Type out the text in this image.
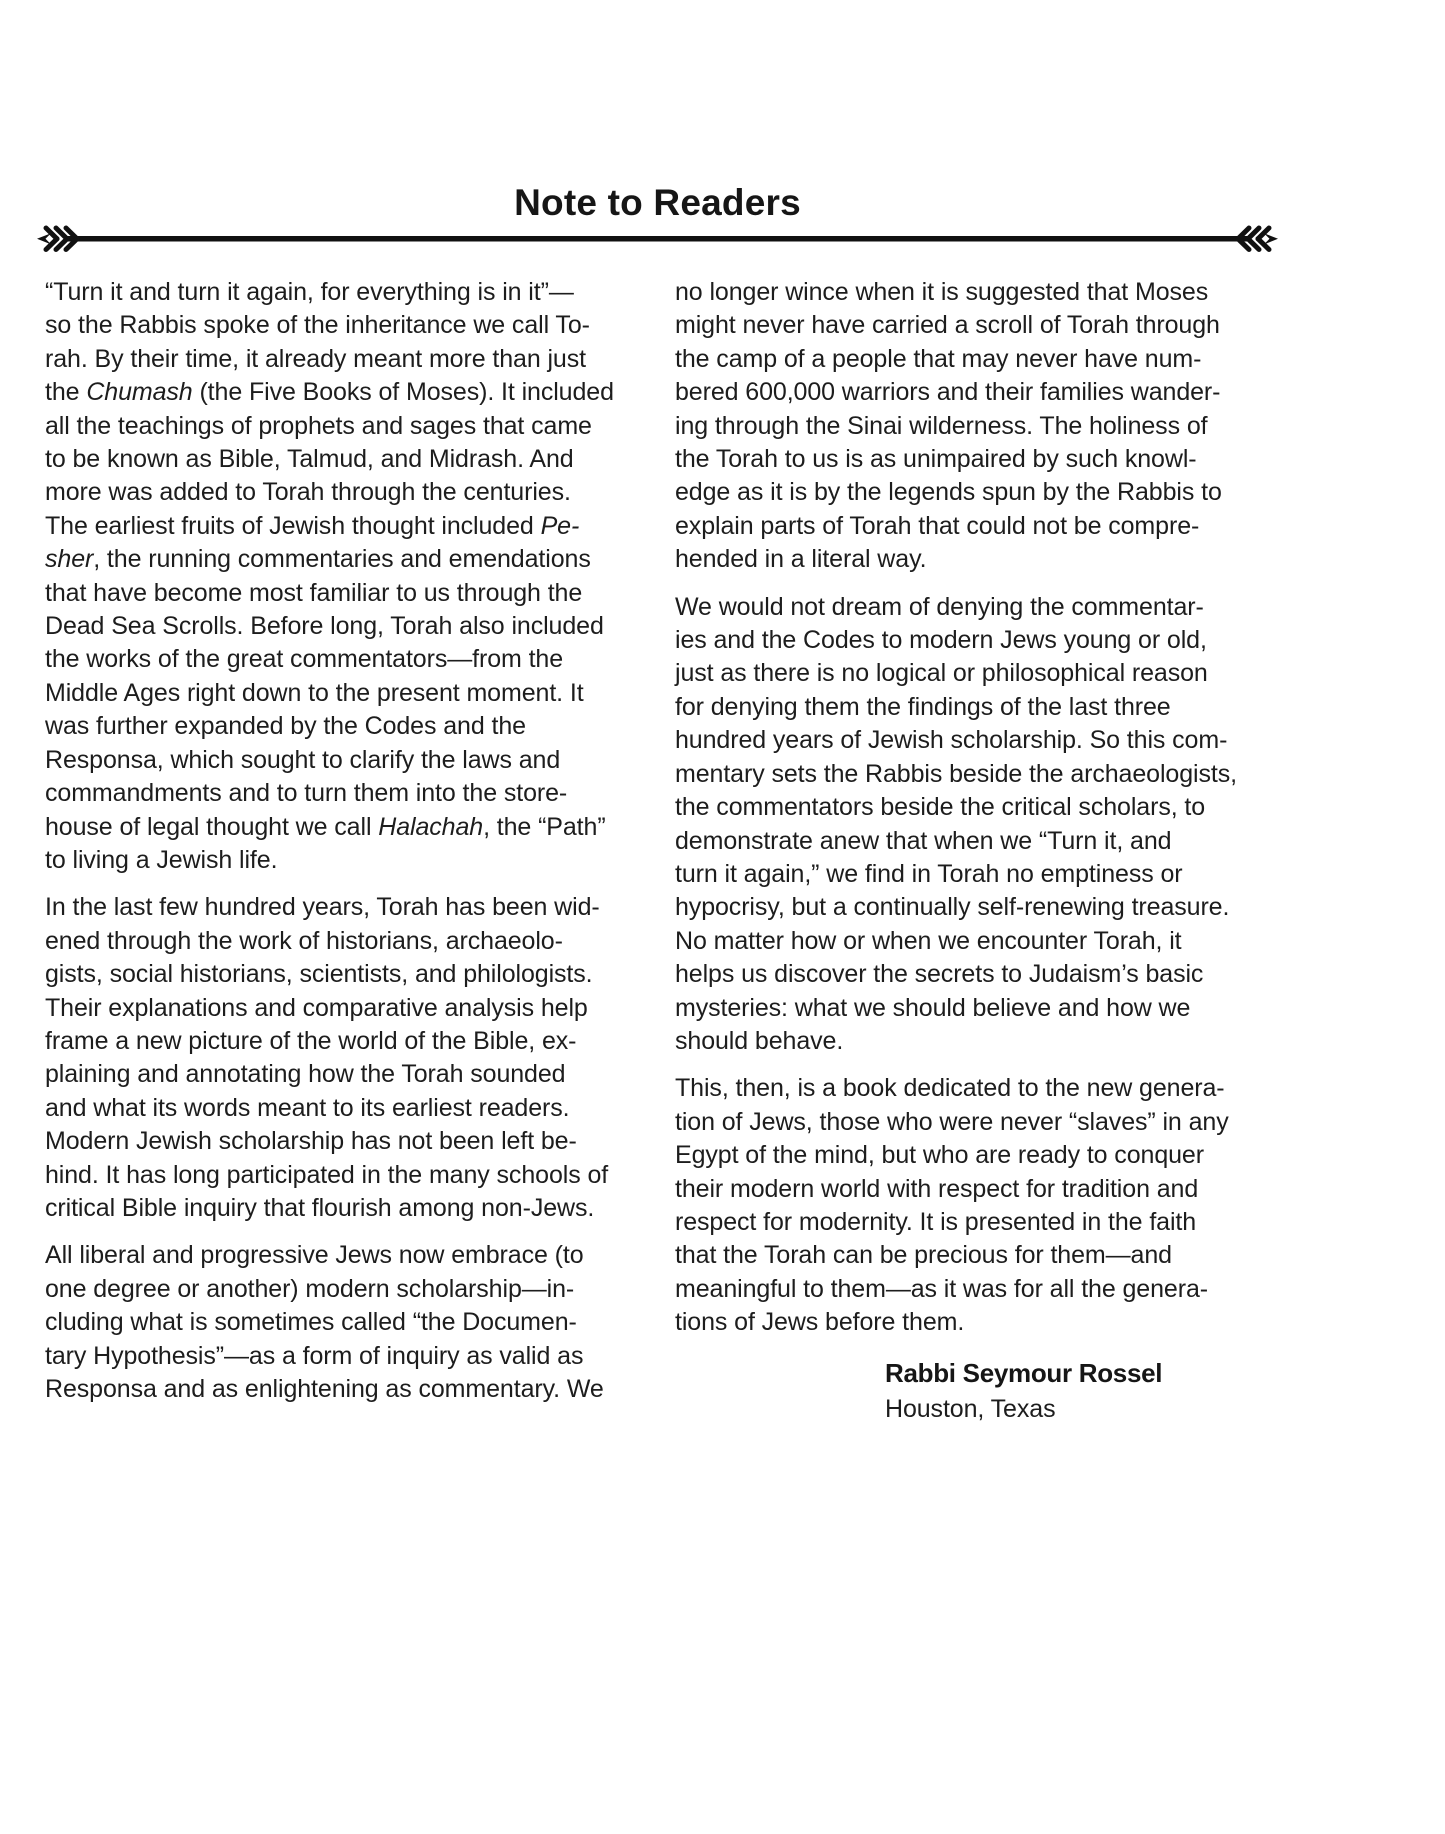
Note to Readers
“Turn it and turn it again, for everything is in it”—
so the Rabbis spoke of the inheritance we call To-
rah. By their time, it already meant more than just
the Chumash (the Five Books of Moses). It included
all the teachings of prophets and sages that came
to be known as Bible, Talmud, and Midrash. And
more was added to Torah through the centuries.
The earliest fruits of Jewish thought included Pe-
sher, the running commentaries and emendations
that have become most familiar to us through the
Dead Sea Scrolls. Before long, Torah also included
the works of the great commentators—from the
Middle Ages right down to the present moment. It
was further expanded by the Codes and the
Responsa, which sought to clarify the laws and
commandments and to turn them into the store-
house of legal thought we call Halachah, the “Path”
to living a Jewish life.
In the last few hundred years, Torah has been wid-
ened through the work of historians, archaeolo-
gists, social historians, scientists, and philologists.
Their explanations and comparative analysis help
frame a new picture of the world of the Bible, ex-
plaining and annotating how the Torah sounded
and what its words meant to its earliest readers.
Modern Jewish scholarship has not been left be-
hind. It has long participated in the many schools of
critical Bible inquiry that flourish among non-Jews.
All liberal and progressive Jews now embrace (to
one degree or another) modern scholarship—in-
cluding what is sometimes called “the Documen-
tary Hypothesis”—as a form of inquiry as valid as
Responsa and as enlightening as commentary. We
no longer wince when it is suggested that Moses
might never have carried a scroll of Torah through
the camp of a people that may never have num-
bered 600,000 warriors and their families wander-
ing through the Sinai wilderness. The holiness of
the Torah to us is as unimpaired by such knowl-
edge as it is by the legends spun by the Rabbis to
explain parts of Torah that could not be compre-
hended in a literal way.
We would not dream of denying the commentar-
ies and the Codes to modern Jews young or old,
just as there is no logical or philosophical reason
for denying them the findings of the last three
hundred years of Jewish scholarship. So this com-
mentary sets the Rabbis beside the archaeologists,
the commentators beside the critical scholars, to
demonstrate anew that when we “Turn it, and
turn it again,” we find in Torah no emptiness or
hypocrisy, but a continually self-renewing treasure.
No matter how or when we encounter Torah, it
helps us discover the secrets to Judaism’s basic
mysteries: what we should believe and how we
should behave.
This, then, is a book dedicated to the new genera-
tion of Jews, those who were never “slaves” in any
Egypt of the mind, but who are ready to conquer
their modern world with respect for tradition and
respect for modernity. It is presented in the faith
that the Torah can be precious for them—and
meaningful to them—as it was for all the genera-
tions of Jews before them.
Rabbi Seymour Rossel
Houston, Texas
